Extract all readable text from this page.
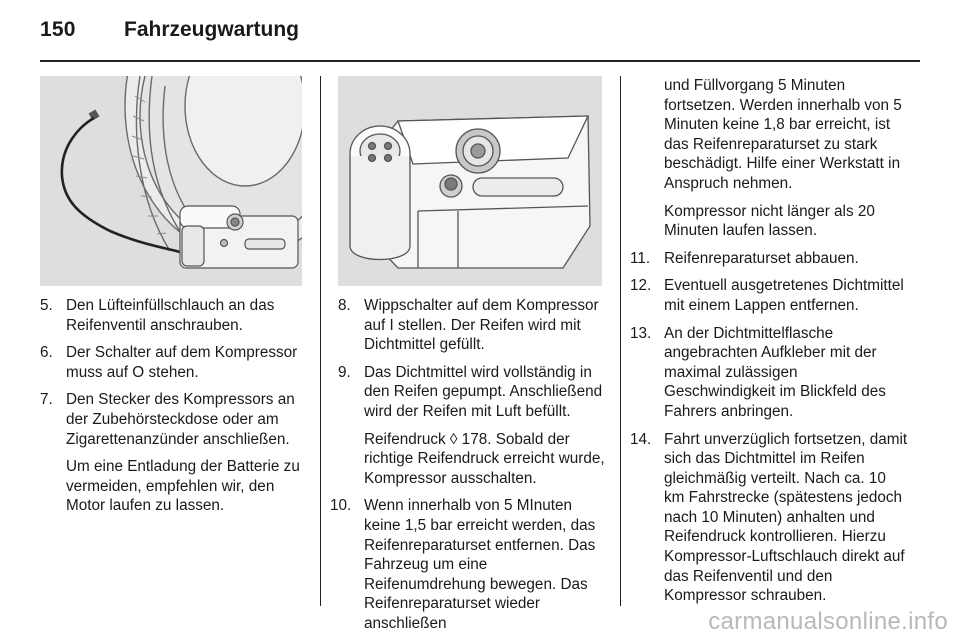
150 Fahrzeugwartung
5. Den Lüfteinfüllschlauch an das Reifenventil anschrauben.
6. Der Schalter auf dem Kompressor muss auf O stehen.
7. Den Stecker des Kompressors an der Zubehörsteckdose oder am Zigarettenanzünder anschließen.
Um eine Entladung der Batterie zu vermeiden, empfehlen wir, den Motor laufen zu lassen.
8. Wippschalter auf dem Kompressor auf I stellen. Der Reifen wird mit Dichtmittel gefüllt.
9. Das Dichtmittel wird vollständig in den Reifen gepumpt. Anschließend wird der Reifen mit Luft befüllt.
Reifendruck ◊ 178. Sobald der richtige Reifendruck erreicht wurde, Kompressor ausschalten.
10. Wenn innerhalb von 5 MInuten keine 1,5 bar erreicht werden, das Reifenreparaturset entfernen. Das Fahrzeug um eine Reifenumdrehung bewegen. Das Reifenreparaturset wieder anschließen
und Füllvorgang 5 Minuten fortsetzen. Werden innerhalb von 5 Minuten keine 1,8 bar erreicht, ist das Reifenreparaturset zu stark beschädigt. Hilfe einer Werkstatt in Anspruch nehmen.
Kompressor nicht länger als 20 Minuten laufen lassen.
11. Reifenreparaturset abbauen.
12. Eventuell ausgetretenes Dichtmittel mit einem Lappen entfernen.
13. An der Dichtmittelflasche angebrachten Aufkleber mit der maximal zulässigen Geschwindigkeit im Blickfeld des Fahrers anbringen.
14. Fahrt unverzüglich fortsetzen, damit sich das Dichtmittel im Reifen gleichmäßig verteilt. Nach ca. 10 km Fahrstrecke (spätestens jedoch nach 10 Minuten) anhalten und Reifendruck kontrollieren. Hierzu Kompressor-Luftschlauch direkt auf das Reifenventil und den Kompressor schrauben.
carmanualsonline.info
